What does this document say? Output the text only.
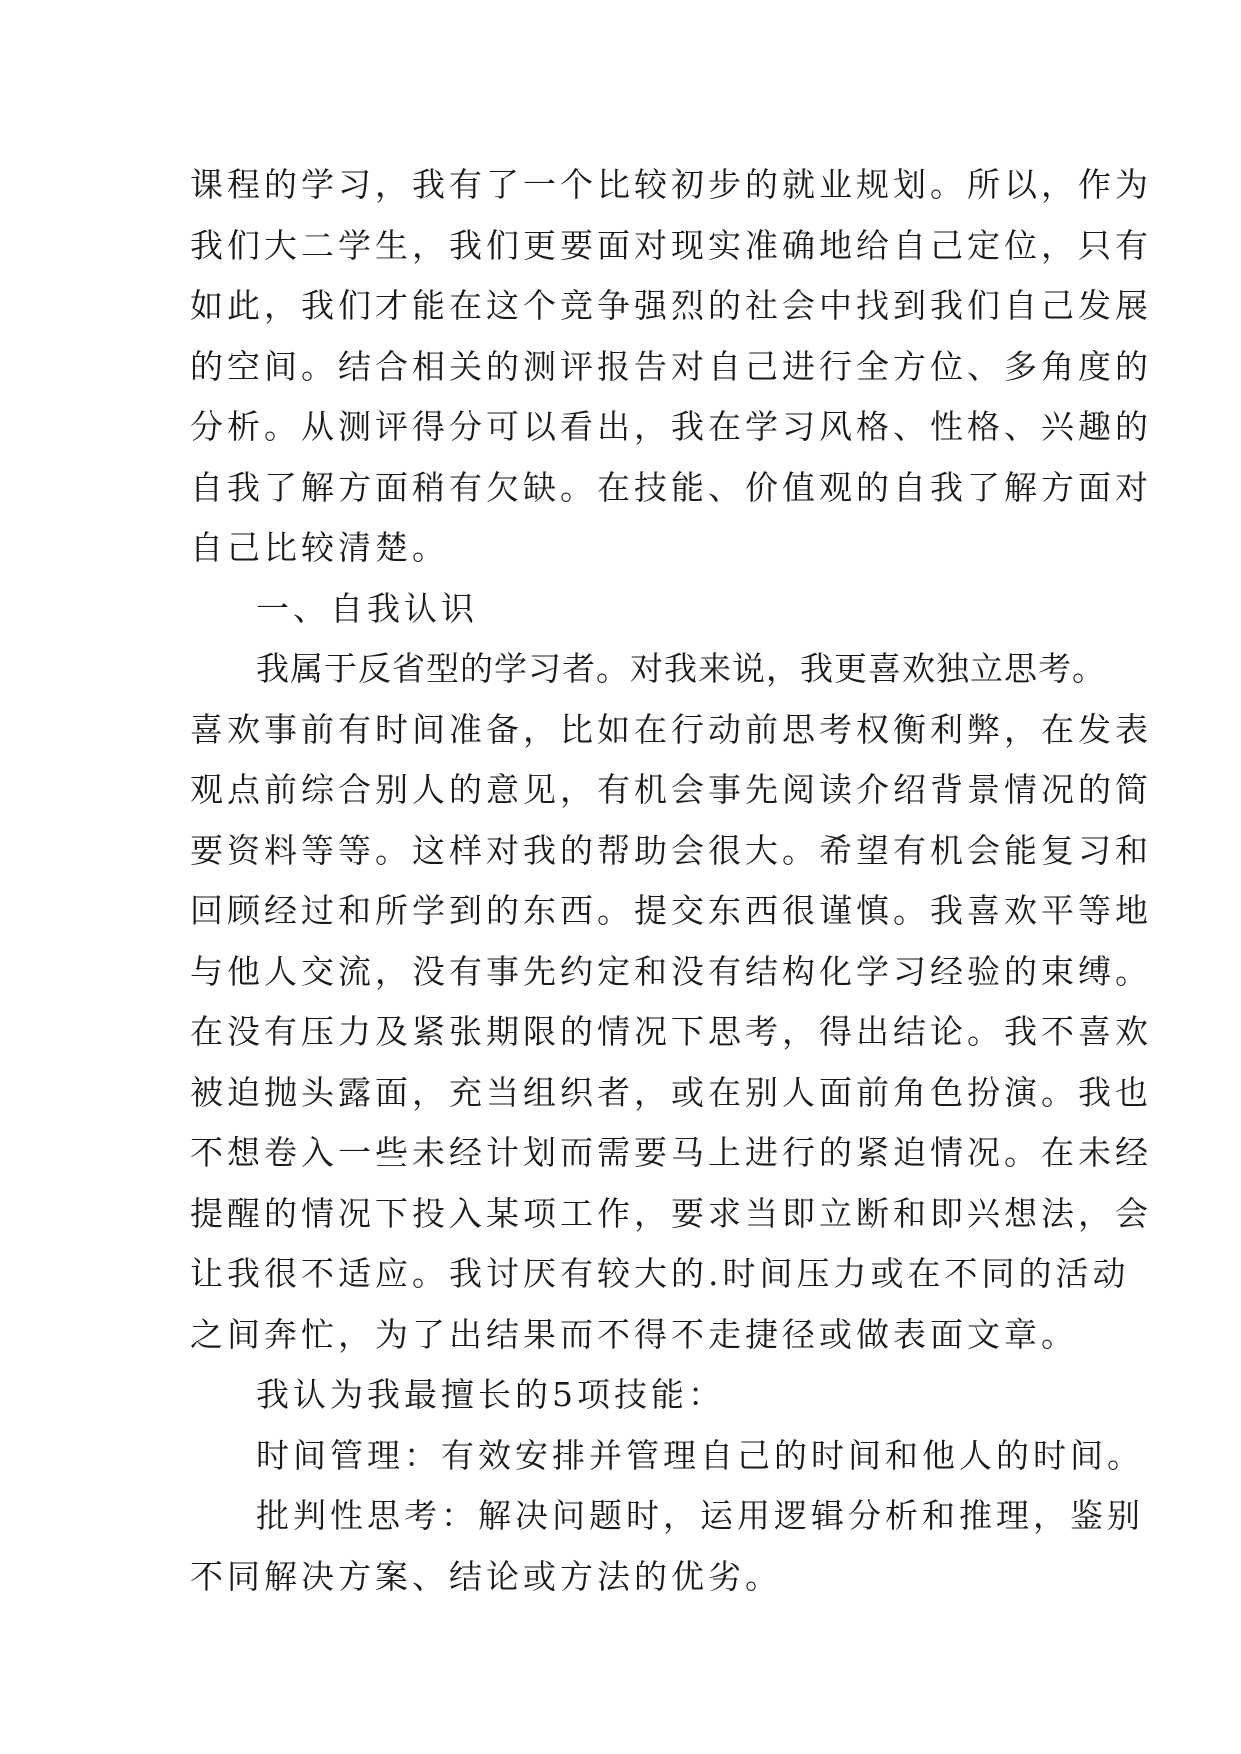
课程的学习，我有了一个比较初步的就业规划。所以，作为
我们大二学生，我们更要面对现实准确地给自己定位，只有
如此，我们才能在这个竞争强烈的社会中找到我们自己发展
的空间。结合相关的测评报告对自己进行全方位、多角度的
分析。从测评得分可以看出，我在学习风格、性格、兴趣的
自我了解方面稍有欠缺。在技能、价值观的自我了解方面对
自己比较清楚。
一、自我认识
我属于反省型的学习者。对我来说，我更喜欢独立思考。
喜欢事前有时间准备，比如在行动前思考权衡利弊，在发表
观点前综合别人的意见，有机会事先阅读介绍背景情况的简
要资料等等。这样对我的帮助会很大。希望有机会能复习和
回顾经过和所学到的东西。提交东西很谨慎。我喜欢平等地
与他人交流，没有事先约定和没有结构化学习经验的束缚。
在没有压力及紧张期限的情况下思考，得出结论。我不喜欢
被迫抛头露面，充当组织者，或在别人面前角色扮演。我也
不想卷入一些未经计划而需要马上进行的紧迫情况。在未经
提醒的情况下投入某项工作，要求当即立断和即兴想法，会
让我很不适应。我讨厌有较大的.时间压力或在不同的活动
之间奔忙，为了出结果而不得不走捷径或做表面文章。
我认为我最擅长的5项技能：
时间管理：有效安排并管理自己的时间和他人的时间。
批判性思考：解决问题时，运用逻辑分析和推理，鉴别
不同解决方案、结论或方法的优劣。
